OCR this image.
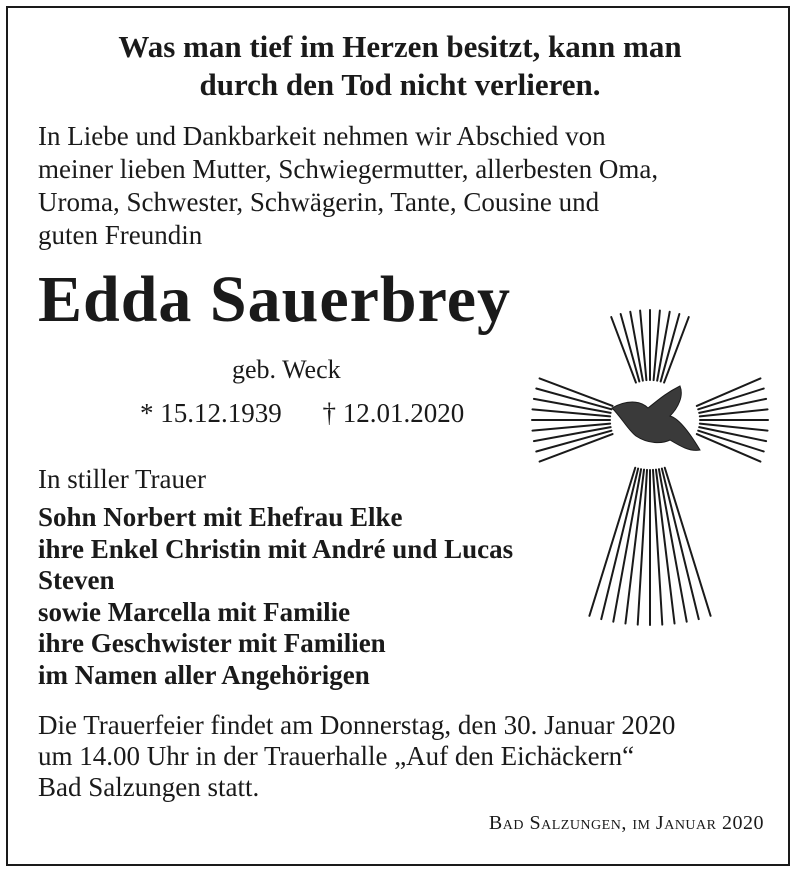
Was man tief im Herzen besitzt, kann man
durch den Tod nicht verlieren.
In Liebe und Dankbarkeit nehmen wir Abschied von
meiner lieben Mutter, Schwiegermutter, allerbesten Oma,
Uroma, Schwester, Schwägerin, Tante, Cousine und
guten Freundin
Edda Sauerbrey
geb. Weck
* 15.12.1939 † 12.01.2020
In stiller Trauer
Sohn Norbert mit Ehefrau Elke
ihre Enkel Christin mit André und Lucas
Steven
sowie Marcella mit Familie
ihre Geschwister mit Familien
im Namen aller Angehörigen
Die Trauerfeier findet am Donnerstag, den 30. Januar 2020
um 14.00 Uhr in der Trauerhalle „Auf den Eichäckern“
Bad Salzungen statt.
Bad Salzungen, im Januar 2020
